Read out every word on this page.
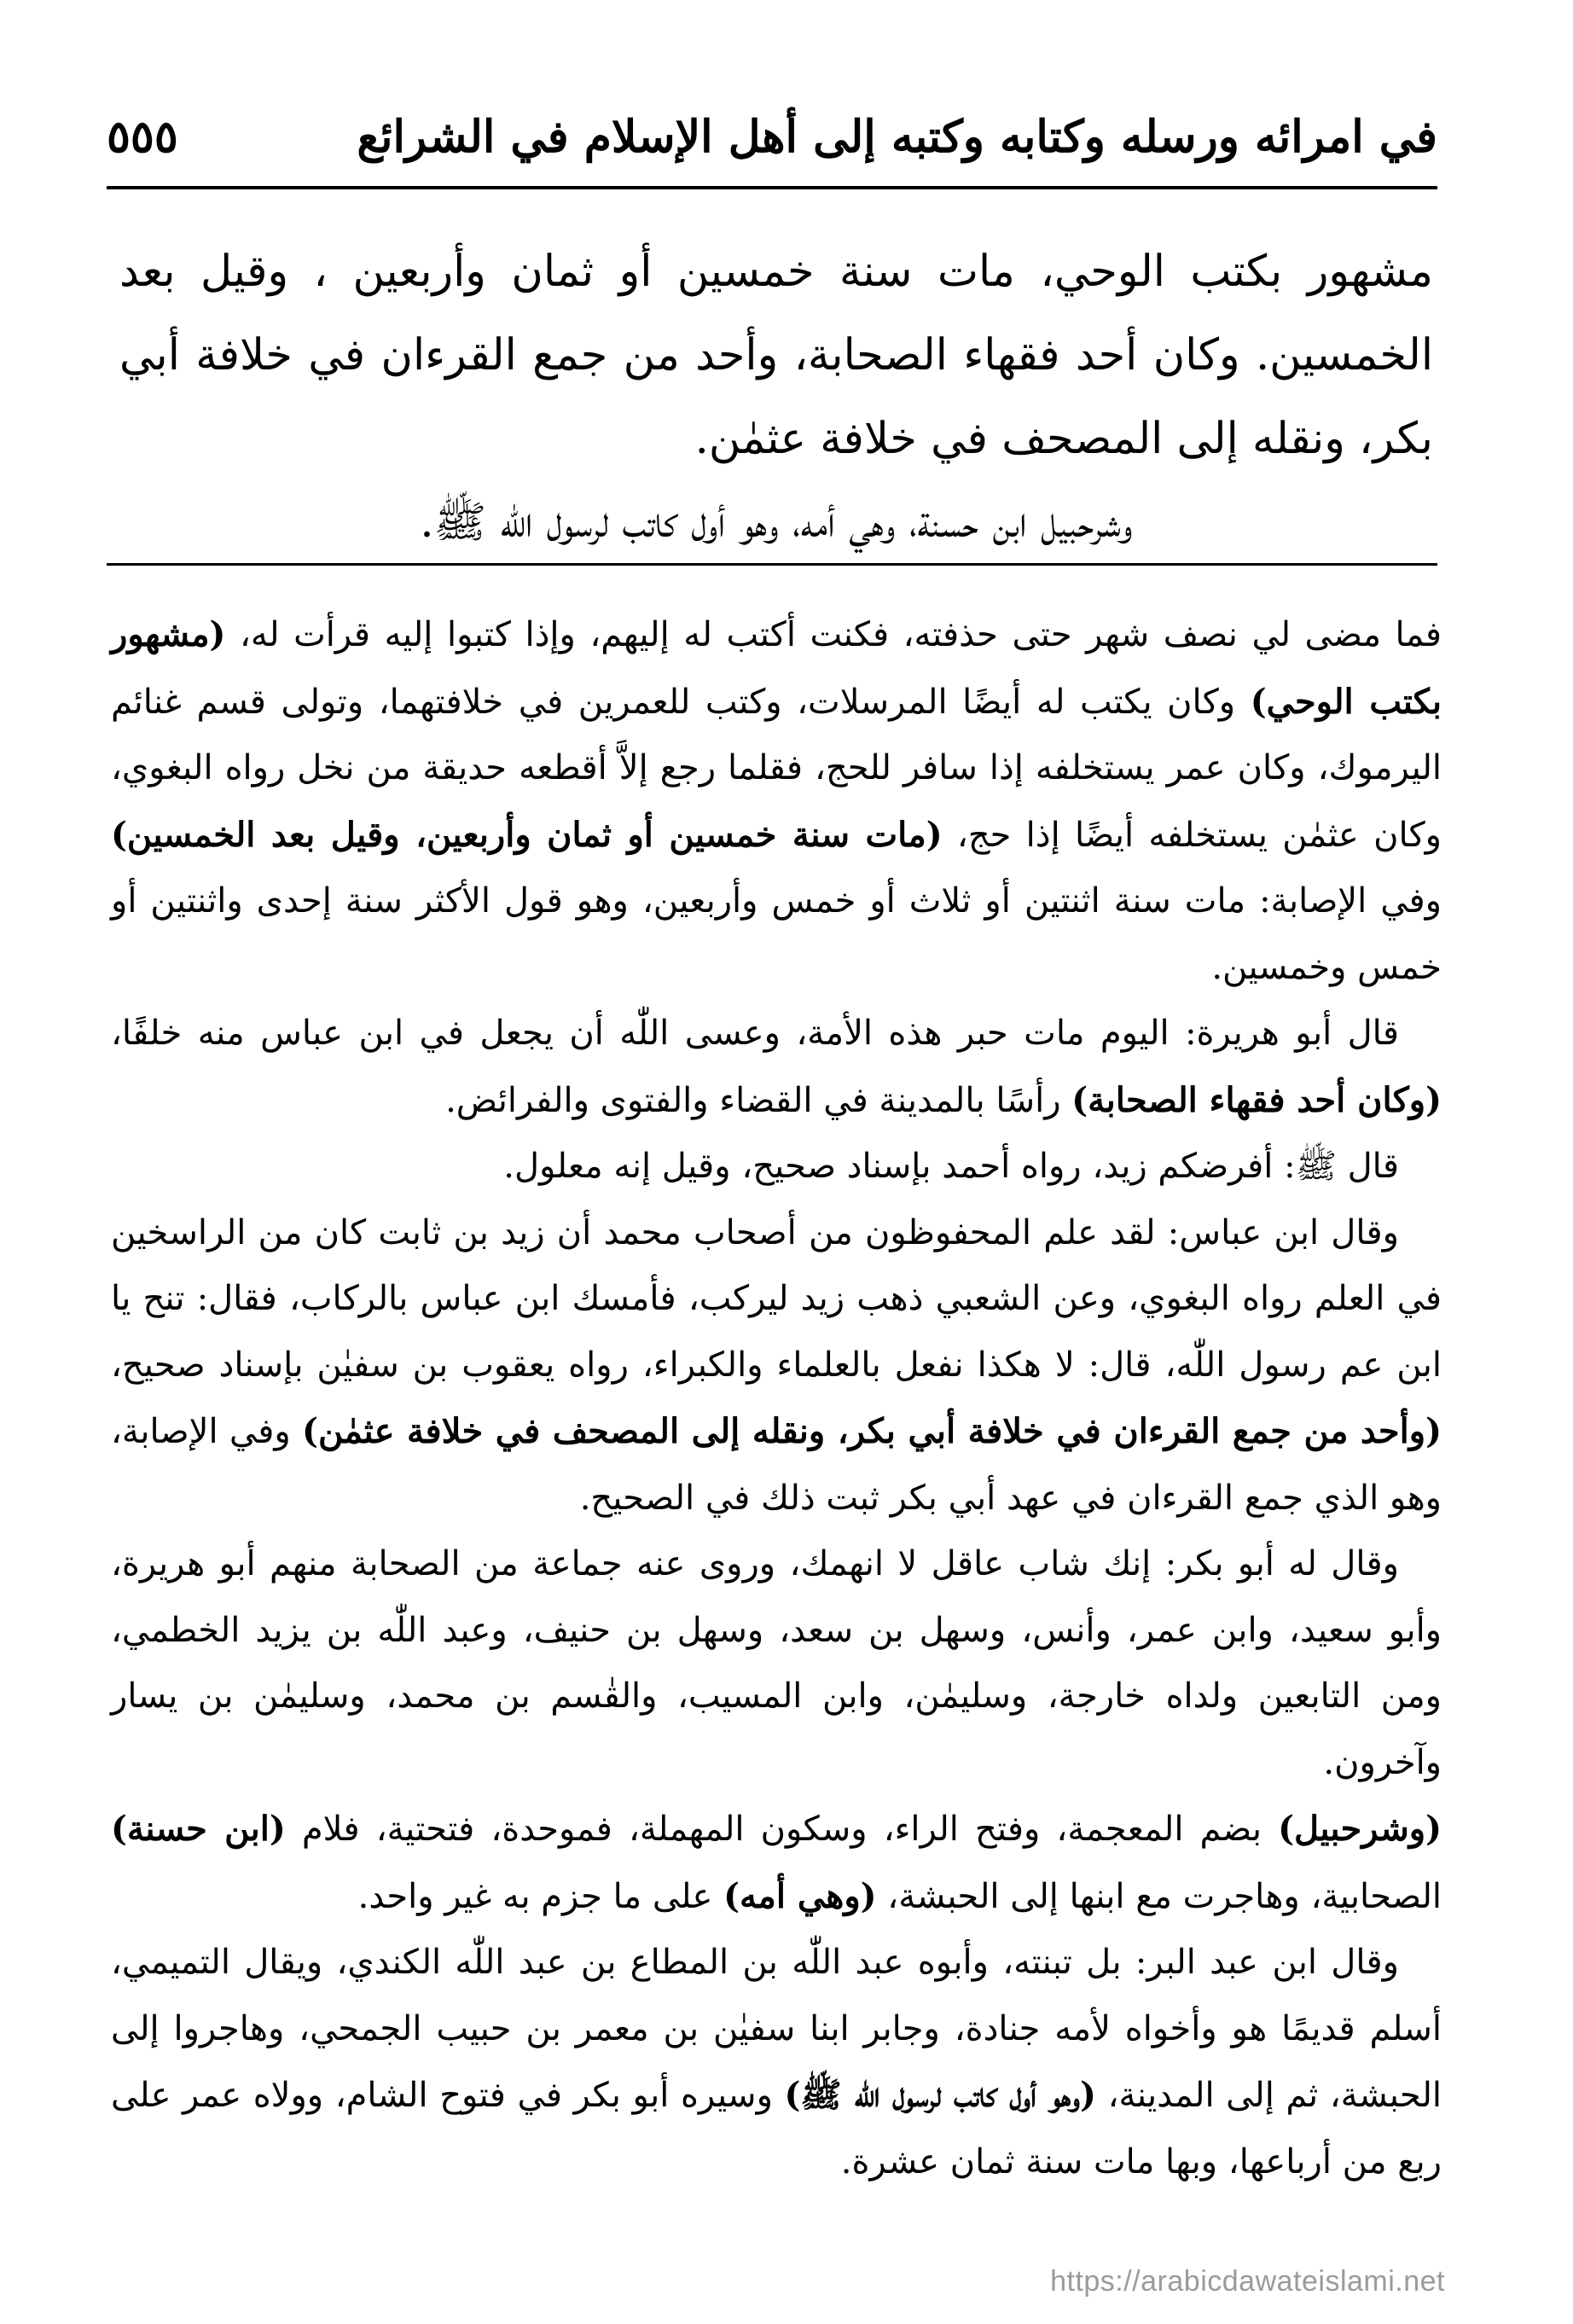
في امرائه ورسله وكتابه وكتبه إلى أهل الإسلام في الشرائع
٥٥٥

مشهور بكتب الوحي، مات سنة خمسين أو ثمان وأربعين ، وقيل بعد الخمسين. وكان أحد فقهاء الصحابة، وأحد من جمع القرءان في خلافة أبي بكر، ونقله إلى المصحف في خلافة عثمٰن.

وشرحبيل ابن حسنة، وهي أمه، وهو أول كاتب لرسول الله ﷺ.

فما مضى لي نصف شهر حتى حذفته، فكنت أكتب له إليهم، وإذا كتبوا إليه قرأت له، (مشهور بكتب الوحي) وكان يكتب له أيضًا المرسلات، وكتب للعمرين في خلافتهما، وتولى قسم غنائم اليرموك، وكان عمر يستخلفه إذا سافر للحج، فقلما رجع إلاَّ أقطعه حديقة من نخل رواه البغوي، وكان عثمٰن يستخلفه أيضًا إذا حج، (مات سنة خمسين أو ثمان وأربعين، وقيل بعد الخمسين) وفي الإصابة: مات سنة اثنتين أو ثلاث أو خمس وأربعين، وهو قول الأكثر سنة إحدى واثنتين أو خمس وخمسين.

قال أبو هريرة: اليوم مات حبر هذه الأمة، وعسى اللّٰه أن يجعل في ابن عباس منه خلفًا، (وكان أحد فقهاء الصحابة) رأسًا بالمدينة في القضاء والفتوى والفرائض.

قال ﷺ: أفرضكم زيد، رواه أحمد بإسناد صحيح، وقيل إنه معلول.

وقال ابن عباس: لقد علم المحفوظون من أصحاب محمد أن زيد بن ثابت كان من الراسخين في العلم رواه البغوي، وعن الشعبي ذهب زيد ليركب، فأمسك ابن عباس بالركاب، فقال: تنح يا ابن عم رسول اللّٰه، قال: لا هكذا نفعل بالعلماء والكبراء، رواه يعقوب بن سفيٰن بإسناد صحيح، (وأحد من جمع القرءان في خلافة أبي بكر، ونقله إلى المصحف في خلافة عثمٰن) وفي الإصابة، وهو الذي جمع القرءان في عهد أبي بكر ثبت ذلك في الصحيح.

وقال له أبو بكر: إنك شاب عاقل لا انهمك، وروى عنه جماعة من الصحابة منهم أبو هريرة، وأبو سعيد، وابن عمر، وأنس، وسهل بن سعد، وسهل بن حنيف، وعبد اللّٰه بن يزيد الخطمي، ومن التابعين ولداه خارجة، وسليمٰن، وابن المسيب، والقٰسم بن محمد، وسليمٰن بن يسار وآخرون.

(وشرحبيل) بضم المعجمة، وفتح الراء، وسكون المهملة، فموحدة، فتحتية، فلام (ابن حسنة) الصحابية، وهاجرت مع ابنها إلى الحبشة، (وهي أمه) على ما جزم به غير واحد.

وقال ابن عبد البر: بل تبنته، وأبوه عبد اللّٰه بن المطاع بن عبد اللّٰه الكندي، ويقال التميمي، أسلم قديمًا هو وأخواه لأمه جنادة، وجابر ابنا سفيٰن بن معمر بن حبيب الجمحي، وهاجروا إلى الحبشة، ثم إلى المدينة، (وهو أول كاتب لرسول اللّٰه ﷺ) وسيره أبو بكر في فتوح الشام، وولاه عمر على ربع من أرباعها، وبها مات سنة ثمان عشرة.

https://arabicdawateislami.net
